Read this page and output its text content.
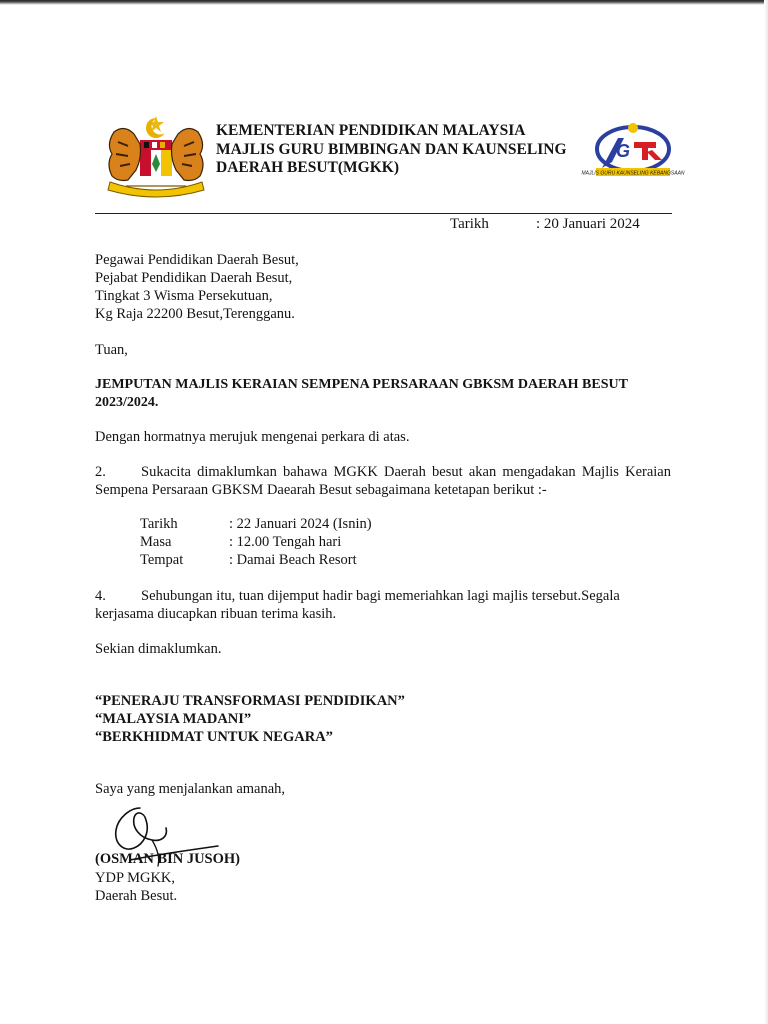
KEMENTERIAN PENDIDIKAN MALAYSIA
MAJLIS GURU BIMBINGAN DAN KAUNSELING
DAERAH BESUT(MGKK)
G
MAJLIS GURU KAUNSELING KEBANGSAAN
Tarikh	: 20 Januari 2024
Pegawai Pendidikan Daerah Besut,
Pejabat Pendidikan Daerah Besut,
Tingkat 3 Wisma Persekutuan,
Kg Raja 22200 Besut,Terengganu.
Tuan,
JEMPUTAN MAJLIS KERAIAN SEMPENA PERSARAAN GBKSM DAERAH BESUT 2023/2024.
Dengan hormatnya merujuk mengenai perkara di atas.
2. Sukacita dimaklumkan bahawa MGKK Daerah besut akan mengadakan Majlis Keraian Sempena Persaraan GBKSM Daearah Besut sebagaimana ketetapan berikut :-
Tarikh	: 22 Januari 2024 (Isnin)
Masa	: 12.00 Tengah hari
Tempat	: Damai Beach Resort
4. Sehubungan itu, tuan dijemput hadir bagi memeriahkan lagi majlis tersebut.Segala kerjasama diucapkan ribuan terima kasih.
Sekian dimaklumkan.
“PENERAJU TRANSFORMASI PENDIDIKAN”
“MALAYSIA MADANI”
“BERKHIDMAT UNTUK NEGARA”
Saya yang menjalankan amanah,
(OSMAN BIN JUSOH)
YDP MGKK,
Daerah Besut.
